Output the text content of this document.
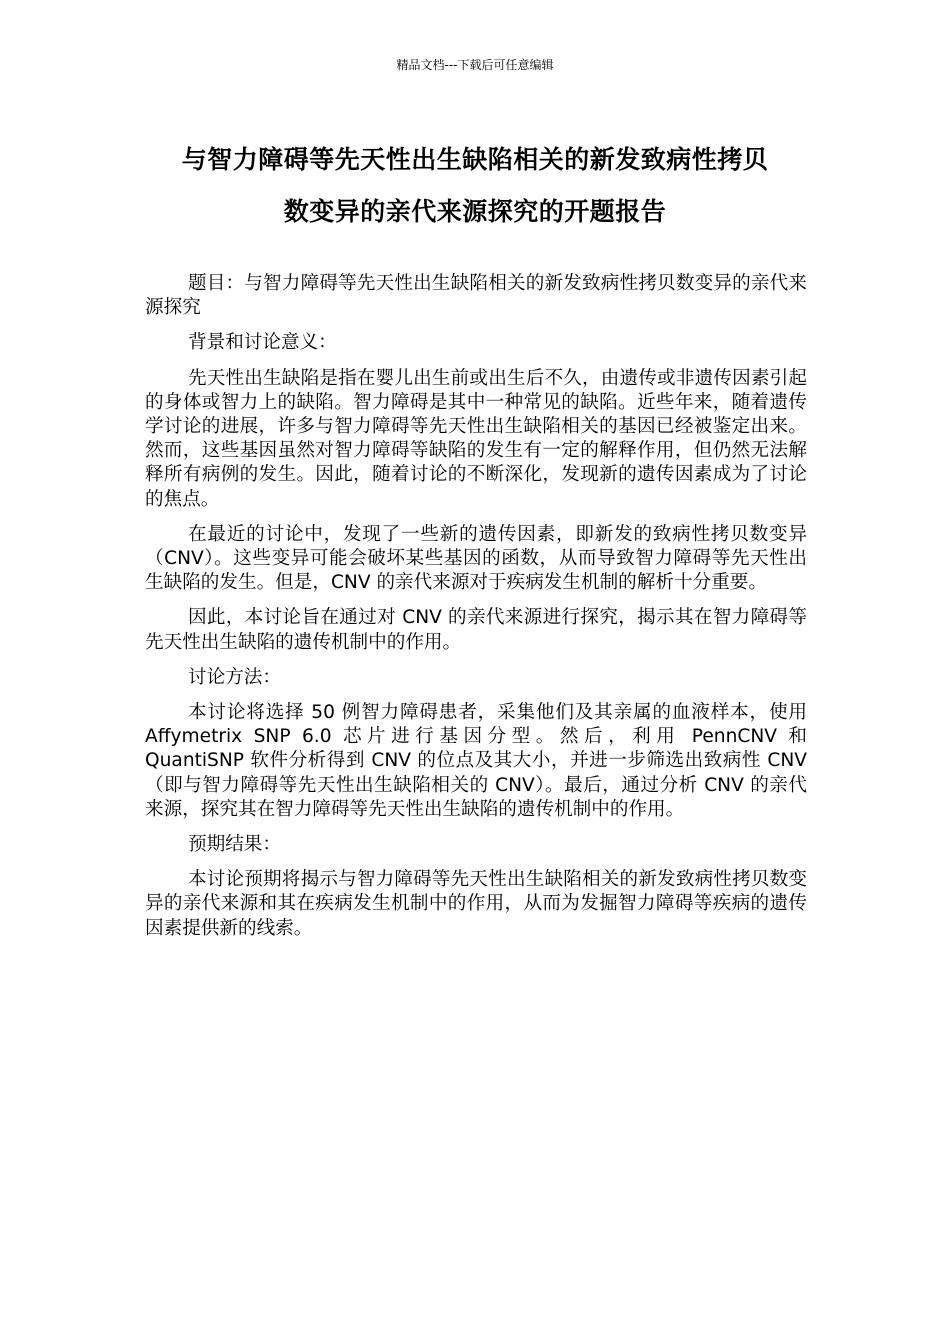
精品文档---下载后可任意编辑
与智力障碍等先天性出生缺陷相关的新发致病性拷贝
数变异的亲代来源探究的开题报告

题目：与智力障碍等先天性出生缺陷相关的新发致病性拷贝数变异的亲代来源探究

背景和讨论意义：

先天性出生缺陷是指在婴儿出生前或出生后不久，由遗传或非遗传因素引起的身体或智力上的缺陷。智力障碍是其中一种常见的缺陷。近些年来，随着遗传学讨论的进展，许多与智力障碍等先天性出生缺陷相关的基因已经被鉴定出来。然而，这些基因虽然对智力障碍等缺陷的发生有一定的解释作用，但仍然无法解释所有病例的发生。因此，随着讨论的不断深化，发现新的遗传因素成为了讨论的焦点。

在最近的讨论中，发现了一些新的遗传因素，即新发的致病性拷贝数变异（CNV）。这些变异可能会破坏某些基因的函数，从而导致智力障碍等先天性出生缺陷的发生。但是，CNV 的亲代来源对于疾病发生机制的解析十分重要。

因此，本讨论旨在通过对 CNV 的亲代来源进行探究，揭示其在智力障碍等先天性出生缺陷的遗传机制中的作用。

讨论方法：

本讨论将选择 50 例智力障碍患者，采集他们及其亲属的血液样本，使用 Affymetrix SNP 6.0 芯片进行基因分型。然后，利用 PennCNV 和 QuantiSNP 软件分析得到 CNV 的位点及其大小，并进一步筛选出致病性 CNV（即与智力障碍等先天性出生缺陷相关的 CNV）。最后，通过分析 CNV 的亲代来源，探究其在智力障碍等先天性出生缺陷的遗传机制中的作用。

预期结果：

本讨论预期将揭示与智力障碍等先天性出生缺陷相关的新发致病性拷贝数变异的亲代来源和其在疾病发生机制中的作用，从而为发掘智力障碍等疾病的遗传因素提供新的线索。
